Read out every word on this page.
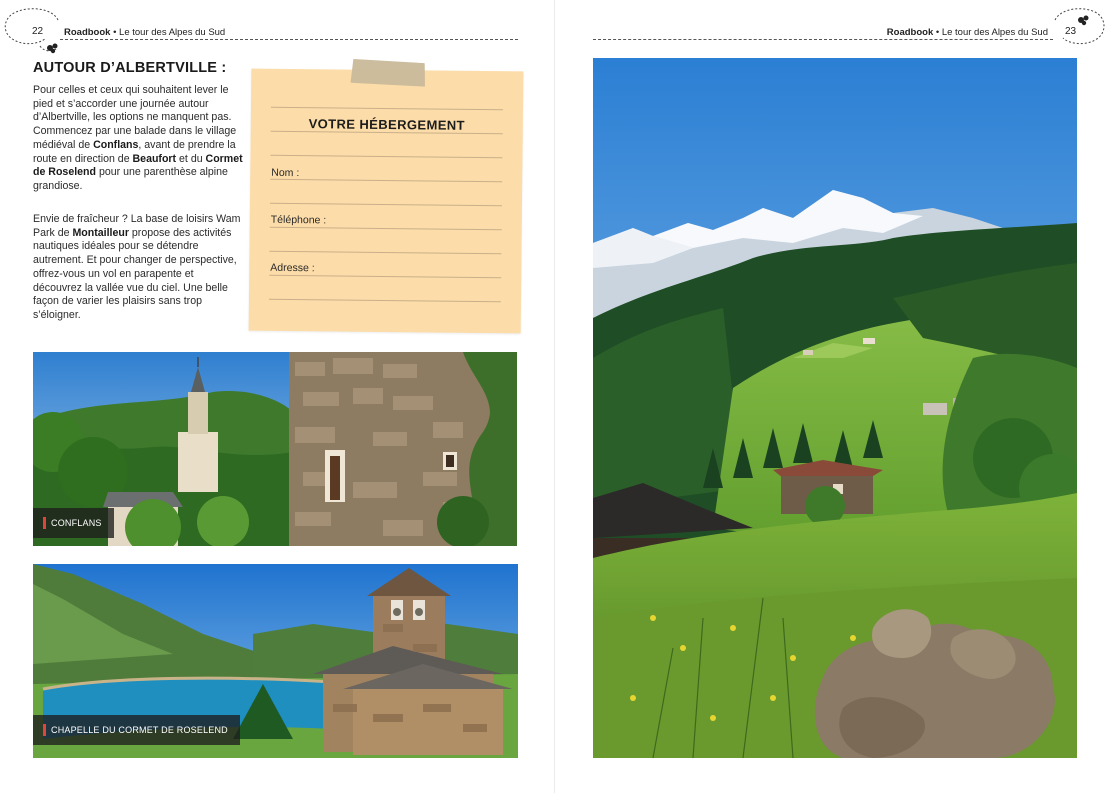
22 Roadbook • Le tour des Alpes du Sud
AUTOUR D’ALBERTVILLE :

Pour celles et ceux qui souhaitent lever le pied et s’accorder une journée autour d’Albertville, les options ne manquent pas. Commencez par une balade dans le village médiéval de Conflans, avant de prendre la route en direction de Beaufort et du Cormet de Roselend pour une parenthèse alpine grandiose.

Envie de fraîcheur ? La base de loisirs Wam Park de Montailleur propose des activités nautiques idéales pour se détendre autrement. Et pour changer de perspective, offrez-vous un vol en parapente et découvrez la vallée vue du ciel. Une belle façon de varier les plaisirs sans trop s’éloigner.

VOTRE HÉBERGEMENT
Nom :
Téléphone :
Adresse :
CONFLANS
CHAPELLE DU CORMET DE ROSELEND
Roadbook • Le tour des Alpes du Sud 23
